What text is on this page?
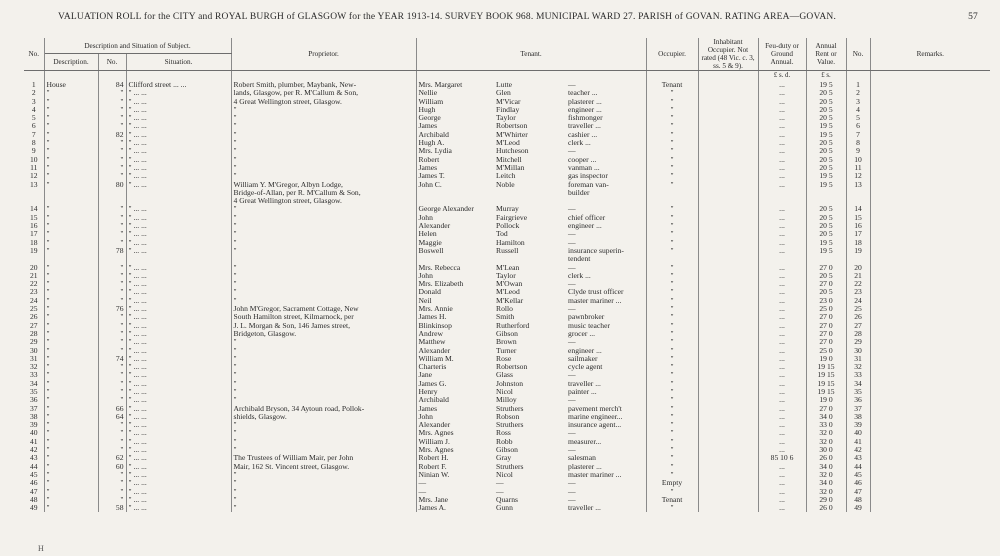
VALUATION ROLL for the CITY and ROYAL BURGH of GLASGOW for the YEAR 1913-14. SURVEY BOOK 968. MUNICIPAL WARD 27. PARISH of GOVAN. RATING AREA—GOVAN.	57
No.	Description and Situation of Subject.			Proprietor.	Tenant.			Occupier.	Inhabitant Occupier. Not rated (48 Vic. c. 3, ss. 5 & 9).	Feu-duty or Ground Annual.	Annual Rent or Value.	No.	Remarks.
	Description.	No.	Situation.										
										£ s. d.	£ s.		
1	House	84	Clifford street ... ...	Robert Smith, plumber, Maybank, New-	Mrs. Margaret	Lutte	—	Tenant		...	19 5	1	
2	"	"	" ... ...	lands, Glasgow, per R. M'Callum & Son,	Nellie	Glen	teacher ...	"		...	20 5	2	
3	"	"	" ... ...	4 Great Wellington street, Glasgow.	William	M'Vicar	plasterer ...	"		...	20 5	3	
4	"	"	" ... ...	"	Hugh	Findlay	engineer ...	"		...	20 5	4	
5	"	"	" ... ...	"	George	Taylor	fishmonger	"		...	20 5	5	
6	"	"	" ... ...	"	James	Robertson	traveller ...	"		...	19 5	6	
7	"	82	" ... ...	"	Archibald	M'Whirter	cashier ...	"		...	19 5	7	
8	"	"	" ... ...	"	Hugh A.	M'Leod	clerk ...	"		...	20 5	8	
9	"	"	" ... ...	"	Mrs. Lydia	Hutcheson	—	"		...	20 5	9	
10	"	"	" ... ...	"	Robert	Mitchell	cooper ...	"		...	20 5	10	
11	"	"	" ... ...	"	James	M'Millan	vanman ...	"		...	20 5	11	
12	"	"	" ... ...	"	James T.	Leitch	gas inspector	"		...	19 5	12	
13	"	80	" ... ...	William Y. M'Gregor, Albyn Lodge,	John C.	Noble	foreman van-	"		...	19 5	13	
				Bridge-of-Allan, per R. M'Callum & Son,			builder						
				4 Great Wellington street, Glasgow.									
14	"	"	" ... ...	"	George Alexander	Murray	—	"		...	20 5	14	
15	"	"	" ... ...	"	John	Fairgrieve	chief officer	"		...	20 5	15	
16	"	"	" ... ...	"	Alexander	Pollock	engineer ...	"		...	20 5	16	
17	"	"	" ... ...	"	Helen	Tod	—	"		...	20 5	17	
18	"	"	" ... ...	"	Maggie	Hamilton	—	"		...	19 5	18	
19	"	78	" ... ...	"	Boswell	Russell	insurance superin-	"		...	19 5	19	
							tendent						
20	"	"	" ... ...	"	Mrs. Rebecca	M'Lean	—	"		...	27 0	20	
21	"	"	" ... ...	"	John	Taylor	clerk ...	"		...	20 5	21	
22	"	"	" ... ...	"	Mrs. Elizabeth	M'Owan	—	"		...	27 0	22	
23	"	"	" ... ...	"	Donald	M'Leod	Clyde trust officer	"		...	20 5	23	
24	"	"	" ... ...	"	Neil	M'Kellar	master mariner ...	"		...	23 0	24	
25	"	76	" ... ...	John M'Gregor, Sacrament Cottage, New	Mrs. Annie	Rollo	—	"		...	25 0	25	
26	"	"	" ... ...	South Hamilton street, Kilmarnock, per	James H.	Smith	pawnbroker	"		...	27 0	26	
27	"	"	" ... ...	J. L. Morgan & Son, 146 James street,	Blinkinsop	Rutherford	music teacher	"		...	27 0	27	
28	"	"	" ... ...	Bridgeton, Glasgow.	Andrew	Gibson	grocer ...	"		...	27 0	28	
29	"	"	" ... ...	"	Matthew	Brown	—	"		...	27 0	29	
30	"	"	" ... ...	"	Alexander	Turner	engineer ...	"		...	25 0	30	
31	"	74	" ... ...	"	William M.	Rose	sailmaker	"		...	19 0	31	
32	"	"	" ... ...	"	Charteris	Robertson	cycle agent	"		...	19 15	32	
33	"	"	" ... ...	"	Jane	Glass	—	"		...	19 15	33	
34	"	"	" ... ...	"	James G.	Johnston	traveller ...	"		...	19 15	34	
35	"	"	" ... ...	"	Henry	Nicol	painter ...	"		...	19 15	35	
36	"	"	" ... ...	"	Archibald	Milloy	—	"		...	19 0	36	
37	"	66	" ... ...	Archibald Bryson, 34 Aytoun road, Pollok-	James	Struthers	pavement merch't	"		...	27 0	37	
38	"	64	" ... ...	shields, Glasgow.	John	Robson	marine engineer...	"		...	34 0	38	
39	"	"	" ... ...	"	Alexander	Struthers	insurance agent...	"		...	33 0	39	
40	"	"	" ... ...	"	Mrs. Agnes	Ross	—	"		...	32 0	40	
41	"	"	" ... ...	"	William J.	Robb	measurer...	"		...	32 0	41	
42	"	"	" ... ...	"	Mrs. Agnes	Gibson	—	"		...	30 0	42	
43	"	62	" ... ...	The Trustees of William Mair, per John	Robert H.	Gray	salesman	"		85 10 6	26 0	43	
44	"	60	" ... ...	Mair, 162 St. Vincent street, Glasgow.	Robert F.	Struthers	plasterer ...	"		...	34 0	44	
45	"	"	" ... ...	"	Ninian W.	Nicol	master mariner ...	"		...	32 0	45	
46	"	"	" ... ...	"	—	—	—	Empty		...	34 0	46	
47	"	"	" ... ...	"	—	—	—	"		...	32 0	47	
48	"	"	" ... ...	"	Mrs. Jane	Quarns	—	Tenant		...	29 0	48	
49	"	58	" ... ...	"	James A.	Gunn	traveller ...	"		...	26 0	49	
H
